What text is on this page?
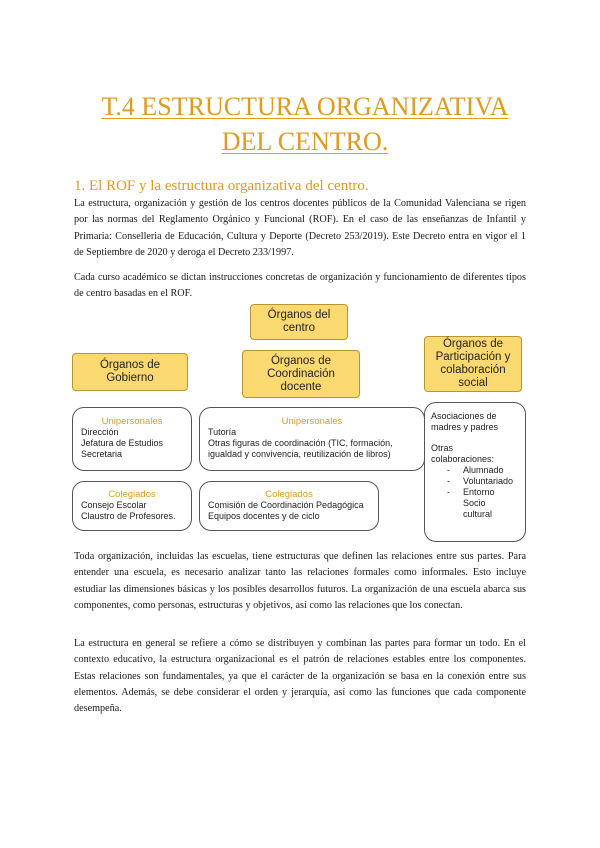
T.4 ESTRUCTURA ORGANIZATIVA
DEL CENTRO.
1. El ROF y la estructura organizativa del centro.

La estructura, organización y gestión de los centros docentes públicos de la Comunidad Valenciana se rigen por las normas del Reglamento Orgánico y Funcional (ROF). En el caso de las enseñanzas de Infantil y Primaria: Conselleria de Educación, Cultura y Deporte (Decreto 253/2019). Este Decreto entra en vigor el 1 de Septiembre de 2020 y deroga el Decreto 233/1997.

Cada curso académico se dictan instrucciones concretas de organización y funcionamiento de diferentes tipos de centro basadas en el ROF.

Órganos del centro
Órganos de Gobierno
Órganos de Coordinación docente
Órganos de Participación y colaboración social
Unipersonales
Dirección
Jefatura de Estudios
Secretaria
Colegiados
Consejo Escolar
Claustro de Profesores.
Unipersonales
Tutoría
Otras figuras de coordinación (TIC, formación, igualdad y convivencia, reutilización de libros)
Colegiados
Comisión de Coordinación Pedagógica
Equipos docentes y de ciclo
Asociaciones de madres y padres
Otras colaboraciones:
-	Alumnado
-	Voluntariado
-	Entorno Socio cultural

Toda organización, incluidas las escuelas, tiene estructuras que definen las relaciones entre sus partes. Para entender una escuela, es necesario analizar tanto las relaciones formales como informales. Esto incluye estudiar las dimensiones básicas y los posibles desarrollos futuros. La organización de una escuela abarca sus componentes, como personas, estructuras y objetivos, así como las relaciones que los conectan.

La estructura en general se refiere a cómo se distribuyen y combinan las partes para formar un todo. En el contexto educativo, la estructura organizacional es el patrón de relaciones estables entre los componentes. Estas relaciones son fundamentales, ya que el carácter de la organización se basa en la conexión entre sus elementos. Además, se debe considerar el orden y jerarquía, así como las funciones que cada componente desempeña.
